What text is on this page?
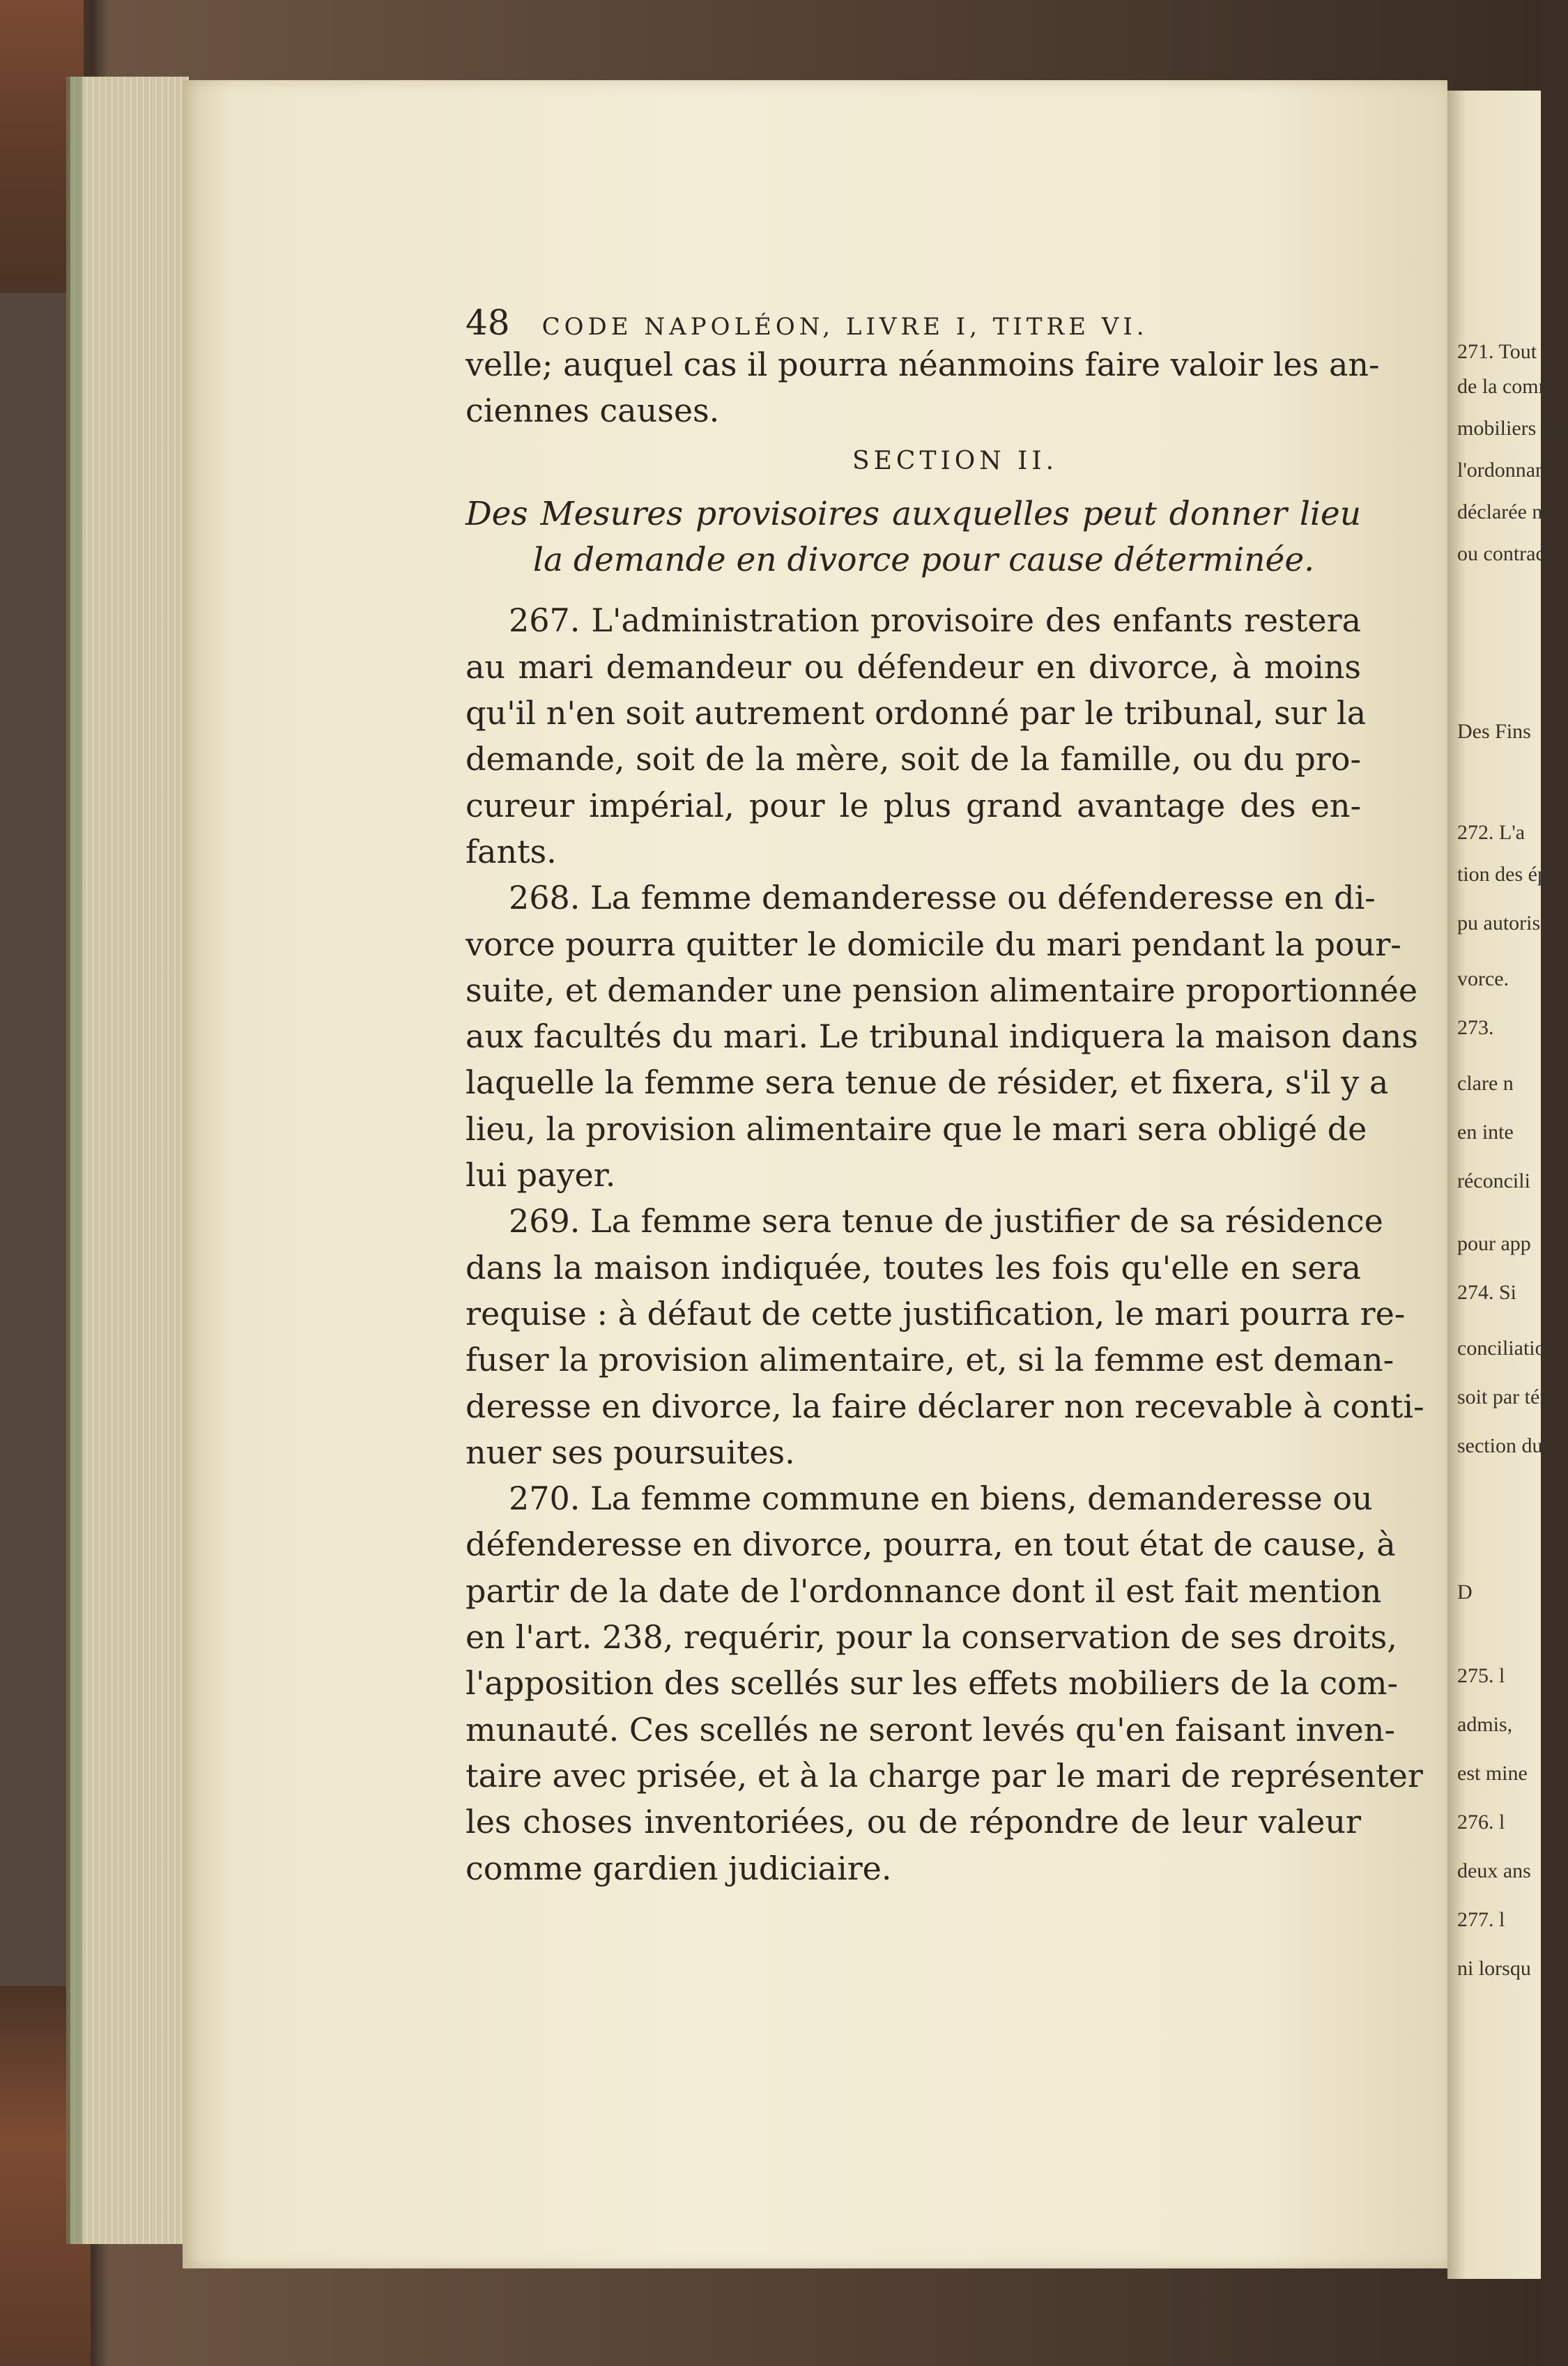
271. Tout
de la commu
mobiliers qui
l'ordonnance
déclarée null
ou contracté
Des Fins
272. L'a
tion des ép
pu autoris
vorce.
273.
clare n
en inte
réconcili
pour app
274. Si
conciliation
soit par tém
section du
D
275. l
admis,
est mine
276. l
deux ans
277. l
ni lorsqu
48 CODE NAPOLÉON, LIVRE I, TITRE VI.
velle; auquel cas il pourra néanmoins faire valoir les an-
ciennes causes.
SECTION II.
Des Mesures provisoires auxquelles peut donner lieu
la demande en divorce pour cause déterminée.
267. L'administration provisoire des enfants restera
au mari demandeur ou défendeur en divorce, à moins
qu'il n'en soit autrement ordonné par le tribunal, sur la
demande, soit de la mère, soit de la famille, ou du pro-
cureur impérial, pour le plus grand avantage des en-
fants.
268. La femme demanderesse ou défenderesse en di-
vorce pourra quitter le domicile du mari pendant la pour-
suite, et demander une pension alimentaire proportionnée
aux facultés du mari. Le tribunal indiquera la maison dans
laquelle la femme sera tenue de résider, et fixera, s'il y a
lieu, la provision alimentaire que le mari sera obligé de
lui payer.
269. La femme sera tenue de justifier de sa résidence
dans la maison indiquée, toutes les fois qu'elle en sera
requise : à défaut de cette justification, le mari pourra re-
fuser la provision alimentaire, et, si la femme est deman-
deresse en divorce, la faire déclarer non recevable à conti-
nuer ses poursuites.
270. La femme commune en biens, demanderesse ou
défenderesse en divorce, pourra, en tout état de cause, à
partir de la date de l'ordonnance dont il est fait mention
en l'art. 238, requérir, pour la conservation de ses droits,
l'apposition des scellés sur les effets mobiliers de la com-
munauté. Ces scellés ne seront levés qu'en faisant inven-
taire avec prisée, et à la charge par le mari de représenter
les choses inventoriées, ou de répondre de leur valeur
comme gardien judiciaire.
